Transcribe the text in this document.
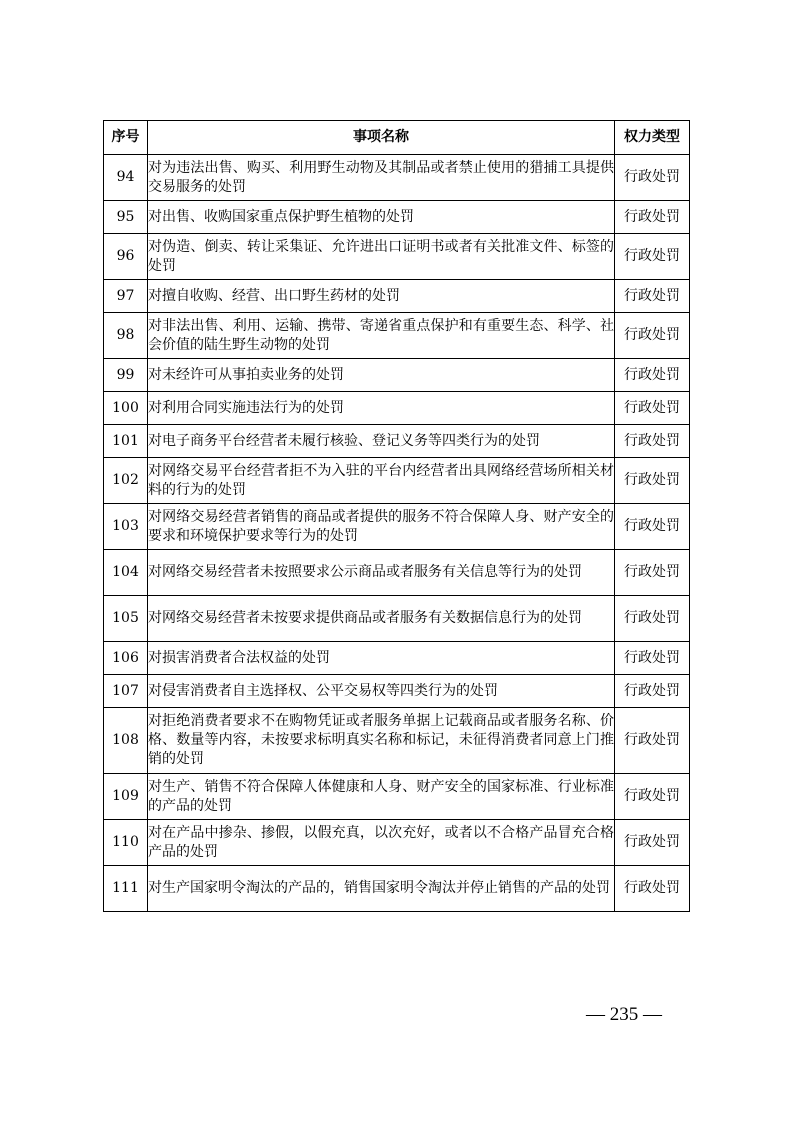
序号	事项名称	权力类型
94	对为违法出售、购买、利用野生动物及其制品或者禁止使用的猎捕工具提供交易服务的处罚	行政处罚
95	对出售、收购国家重点保护野生植物的处罚	行政处罚
96	对伪造、倒卖、转让采集证、允许进出口证明书或者有关批准文件、标签的处罚	行政处罚
97	对擅自收购、经营、出口野生药材的处罚	行政处罚
98	对非法出售、利用、运输、携带、寄递省重点保护和有重要生态、科学、社会价值的陆生野生动物的处罚	行政处罚
99	对未经许可从事拍卖业务的处罚	行政处罚
100	对利用合同实施违法行为的处罚	行政处罚
101	对电子商务平台经营者未履行核验、登记义务等四类行为的处罚	行政处罚
102	对网络交易平台经营者拒不为入驻的平台内经营者出具网络经营场所相关材料的行为的处罚	行政处罚
103	对网络交易经营者销售的商品或者提供的服务不符合保障人身、财产安全的要求和环境保护要求等行为的处罚	行政处罚
104	对网络交易经营者未按照要求公示商品或者服务有关信息等行为的处罚	行政处罚
105	对网络交易经营者未按要求提供商品或者服务有关数据信息行为的处罚	行政处罚
106	对损害消费者合法权益的处罚	行政处罚
107	对侵害消费者自主选择权、公平交易权等四类行为的处罚	行政处罚
108	对拒绝消费者要求不在购物凭证或者服务单据上记载商品或者服务名称、价格、数量等内容，未按要求标明真实名称和标记，未征得消费者同意上门推销的处罚	行政处罚
109	对生产、销售不符合保障人体健康和人身、财产安全的国家标准、行业标准的产品的处罚	行政处罚
110	对在产品中掺杂、掺假，以假充真，以次充好，或者以不合格产品冒充合格产品的处罚	行政处罚
111	对生产国家明令淘汰的产品的，销售国家明令淘汰并停止销售的产品的处罚	行政处罚
— 235 —
